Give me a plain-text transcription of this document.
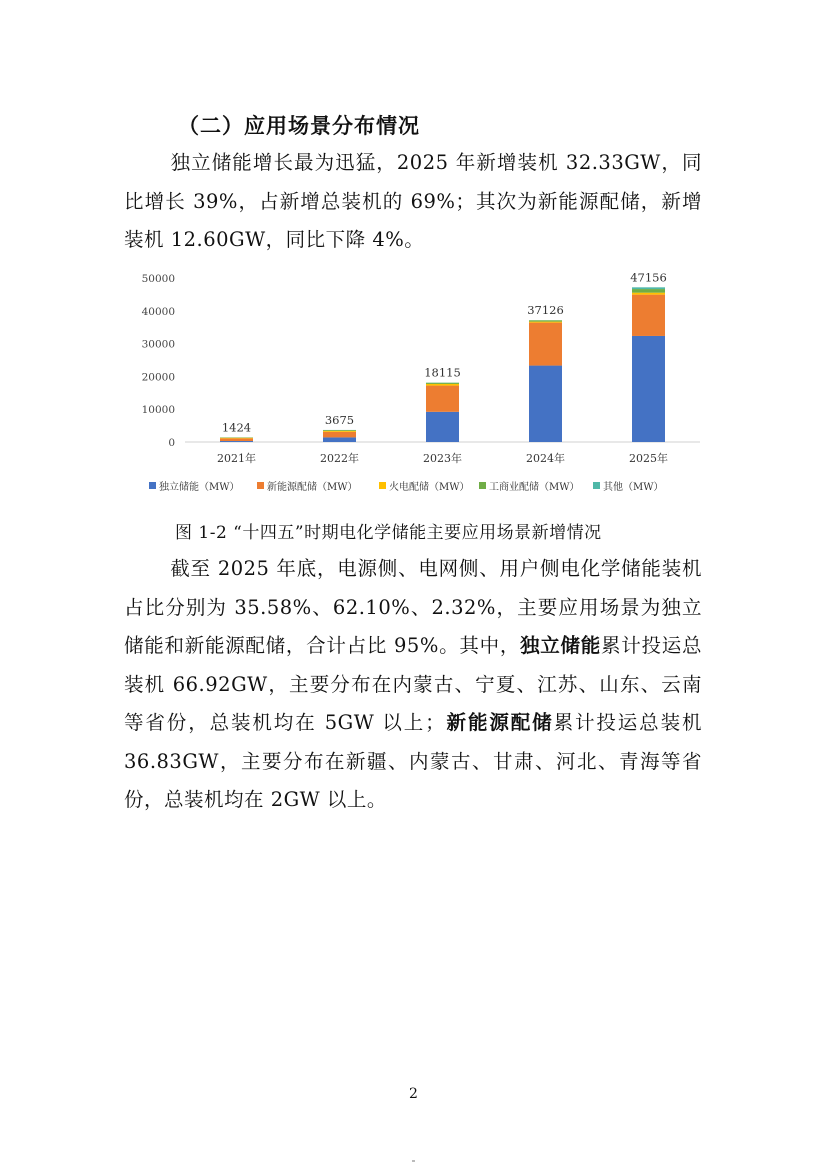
（二）应用场景分布情况
独立储能增长最为迅猛，2025 年新增装机 32.33GW，同比增长 39%，占新增总装机的 69%；其次为新能源配储，新增装机 12.60GW，同比下降 4%。
0
10000
20000
30000
40000
50000
1424
2021年
3675
2022年
18115
2023年
37126
2024年
47156
2025年
独立储能（MW）	新能源配储（MW）	火电配储（MW） 工商业配储（MW） 其他（MW）
图 1-2 “十四五”时期电化学储能主要应用场景新增情况
截至 2025 年底，电源侧、电网侧、用户侧电化学储能装机占比分别为 35.58%、62.10%、2.32%，主要应用场景为独立储能和新能源配储，合计占比 95%。其中，独立储能累计投运总装机 66.92GW，主要分布在内蒙古、宁夏、江苏、山东、云南等省份，总装机均在 5GW 以上；新能源配储累计投运总装机 36.83GW，主要分布在新疆、内蒙古、甘肃、河北、青海等省份，总装机均在 2GW 以上。
2
